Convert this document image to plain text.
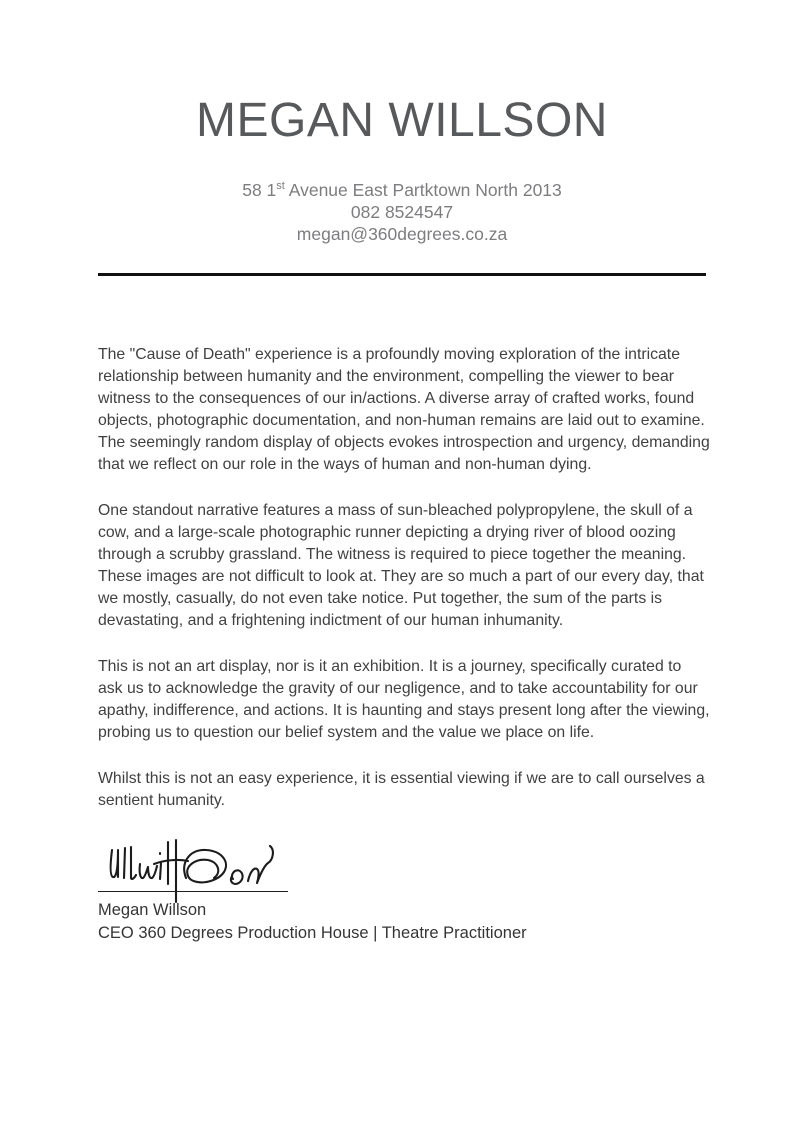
MEGAN WILLSON

58 1st Avenue East Partktown North 2013

082 8524547

megan@360degrees.co.za

The "Cause of Death" experience is a profoundly moving exploration of the intricate relationship between humanity and the environment, compelling the viewer to bear witness to the consequences of our in/actions. A diverse array of crafted works, found objects, photographic documentation, and non-human remains are laid out to examine. The seemingly random display of objects evokes introspection and urgency, demanding that we reflect on our role in the ways of human and non-human dying.

One standout narrative features a mass of sun-bleached polypropylene, the skull of a cow, and a large-scale photographic runner depicting a drying river of blood oozing through a scrubby grassland. The witness is required to piece together the meaning. These images are not difficult to look at. They are so much a part of our every day, that we mostly, casually, do not even take notice. Put together, the sum of the parts is devastating, and a frightening indictment of our human inhumanity.

This is not an art display, nor is it an exhibition. It is a journey, specifically curated to ask us to acknowledge the gravity of our negligence, and to take accountability for our apathy, indifference, and actions. It is haunting and stays present long after the viewing, probing us to question our belief system and the value we place on life.

Whilst this is not an easy experience, it is essential viewing if we are to call ourselves a sentient humanity.

Megan Willson
CEO 360 Degrees Production House | Theatre Practitioner
